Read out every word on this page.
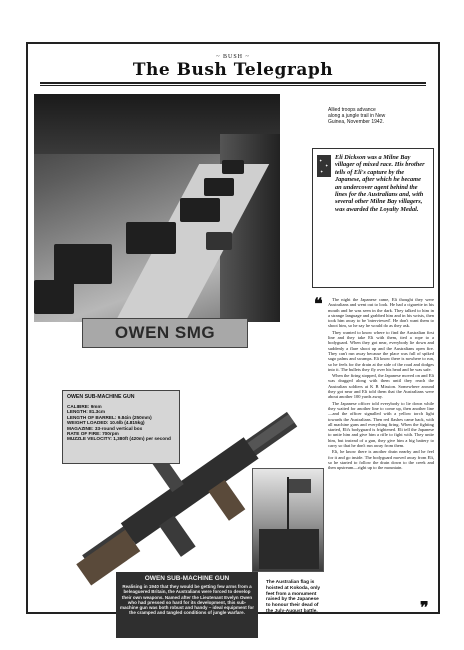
~ BUSH ~
The Bush Telegraph
Allied troops advance along a jungle trail in New Guinea, November 1942.
✦
✦
✦
Eli Dickson was a Milne Bay villager of mixed race. His brother tells of Eli's capture by the Japanese, after which he became an undercover agent behind the lines for the Australians and, with several other Milne Bay villagers, was awarded the Loyalty Medal.
❝	The night the Japanese came, Eli thought they were Australians and went out to look. He had a cigarette in his mouth and he was seen in the dark. They talked to him in a strange language and grabbed him and in his wrists, then took him away to be 'interviewed'. He don't want them to shoot him, so he say he would do as they ask.

They wanted to know where to find the Australian first line and they take Eli with them, tied a rope to a bodyguard. When they got near, everybody lie down and suddenly a flare shoot up and the Australians open fire. They can't run away because the place was full of spiked sago palms and swamps. Eli know there is nowhere to run, so he feels for the drain at the side of the road and dodges into it. The bullets they fly over his head and he was safe.

When the firing stopped, the Japanese moved on and Eli was dragged along with them until they reach the Australian soldiers at K B Mission. Somewhere around they got near and Eli told them that the Australians were about another 100 yards away.

The Japanese officer told everybody to lie down while they waited for another line to come up, then another line—and the officer signalled with a yellow torch light towards the Australians. Then red flashes came back, with all machine guns and everything firing. When the fighting started, Eli's bodyguard is frightened. Eli tell the Japanese to untie him and give him a rifle to fight with. They untie him, but instead of a gun, they give him a big battery to carry so that he don't run away from them.

Eli, he know there is another drain nearby and he feel for it and go inside. The bodyguard moved away from Eli, so he started to follow the drain down to the creek and then upstream—right up to the mountain.

❞
OWEN SMG
OWEN SUB-MACHINE GUN
CALIBRE: 9mm
LENGTH: 81.3cm
LENGTH OF BARREL: 9.84in (250mm)
WEIGHT LOADED: 10.6lb (4.815kg)
MAGAZINE: 33-round vertical box
RATE OF FIRE: 700rpm
MUZZLE VELOCITY: 1,380ft (420m) per second
The Australian flag is hoisted at Kokoda, only feet from a monument raised by the Japanese to honour their dead of the July-August battle.
OWEN SUB-MACHINE GUN
Realising in 1940 that they would be getting few arms from a beleaguered Britain, the Australians were forced to develop their own weapons. Named after the Lieutenant Evelyn Owen who had pressed so hard for its development, this sub-machine gun was both robust and handy – ideal equipment for the cramped and tangled conditions of jungle warfare.
